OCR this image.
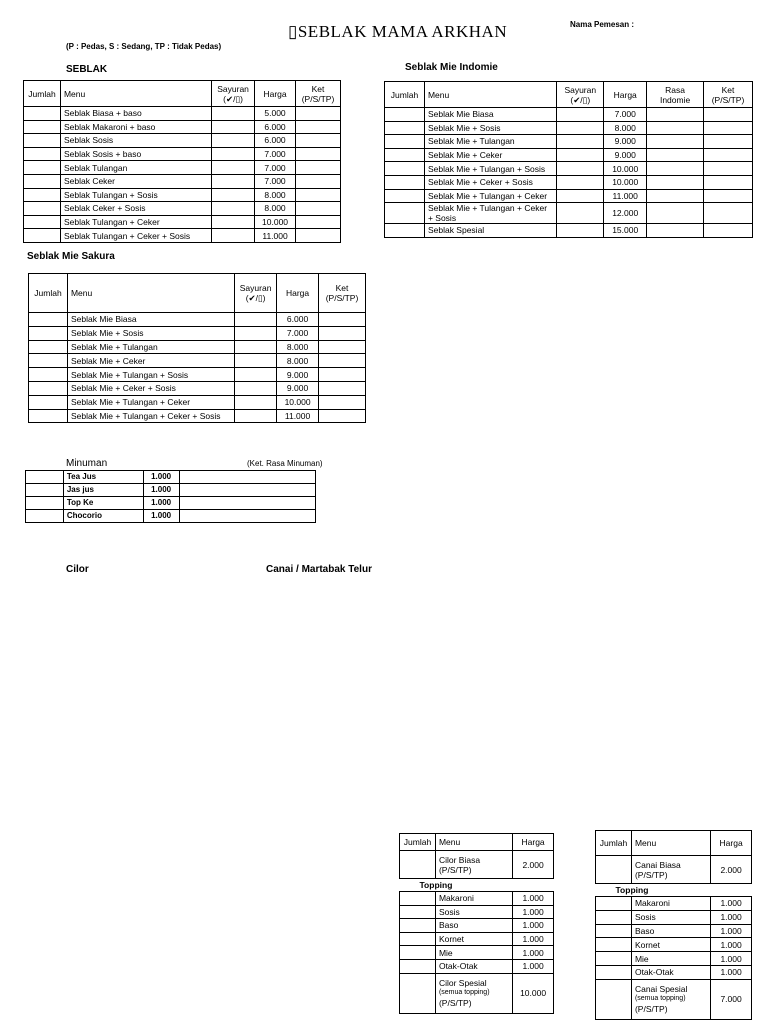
▯SEBLAK MAMA ARKHAN	Nama Pemesan :
(P : Pedas, S : Sedang, TP : Tidak Pedas)
SEBLAK
Jumlah	Menu	Sayuran (✔/▯)	Harga	Ket (P/S/TP)
	Seblak Biasa + baso		5.000	
	Seblak Makaroni + baso		6.000	
	Seblak Sosis		6.000	
	Seblak Sosis + baso		7.000	
	Seblak Tulangan		7.000	
	Seblak Ceker		7.000	
	Seblak Tulangan + Sosis		8.000	
	Seblak Ceker + Sosis		8.000	
	Seblak Tulangan + Ceker		10.000	
	Seblak Tulangan + Ceker + Sosis		11.000	
Seblak Mie Indomie
Jumlah	Menu	Sayuran (✔/▯)	Harga	Rasa Indomie	Ket (P/S/TP)
	Seblak Mie Biasa		7.000		
	Seblak Mie + Sosis		8.000		
	Seblak Mie + Tulangan		9.000		
	Seblak Mie + Ceker		9.000		
	Seblak Mie + Tulangan + Sosis		10.000		
	Seblak Mie + Ceker + Sosis		10.000		
	Seblak Mie + Tulangan + Ceker		11.000		
	Seblak Mie + Tulangan + Ceker + Sosis		12.000		
	Seblak Spesial		15.000		
Seblak Mie Sakura
Jumlah	Menu	Sayuran (✔/▯)	Harga	Ket (P/S/TP)
	Seblak Mie Biasa		6.000	
	Seblak Mie + Sosis		7.000	
	Seblak Mie + Tulangan		8.000	
	Seblak Mie + Ceker		8.000	
	Seblak Mie + Tulangan + Sosis		9.000	
	Seblak Mie + Ceker + Sosis		9.000	
	Seblak Mie + Tulangan + Ceker		10.000	
	Seblak Mie + Tulangan + Ceker + Sosis		11.000	
Minuman	(Ket. Rasa Minuman)
	Tea Jus	1.000	
	Jas jus	1.000	
	Top Ke	1.000	
	Chocorio	1.000	
Cilor	Canai / Martabak Telur
Jumlah	Menu	Harga
	Cilor Biasa (P/S/TP)	2.000
Topping		
	Makaroni	1.000
	Sosis	1.000
	Baso	1.000
	Kornet	1.000
	Mie	1.000
	Otak-Otak	1.000

	Cilor Spesial
(semua topping)
(P/S/TP)	10.000
Jumlah	Menu	Harga
	Canai Biasa (P/S/TP)	2.000
Topping		
	Makaroni	1.000
	Sosis	1.000
	Baso	1.000
	Kornet	1.000
	Mie	1.000
	Otak-Otak	1.000

	Canai Spesial
(semua topping)
(P/S/TP)	7.000
